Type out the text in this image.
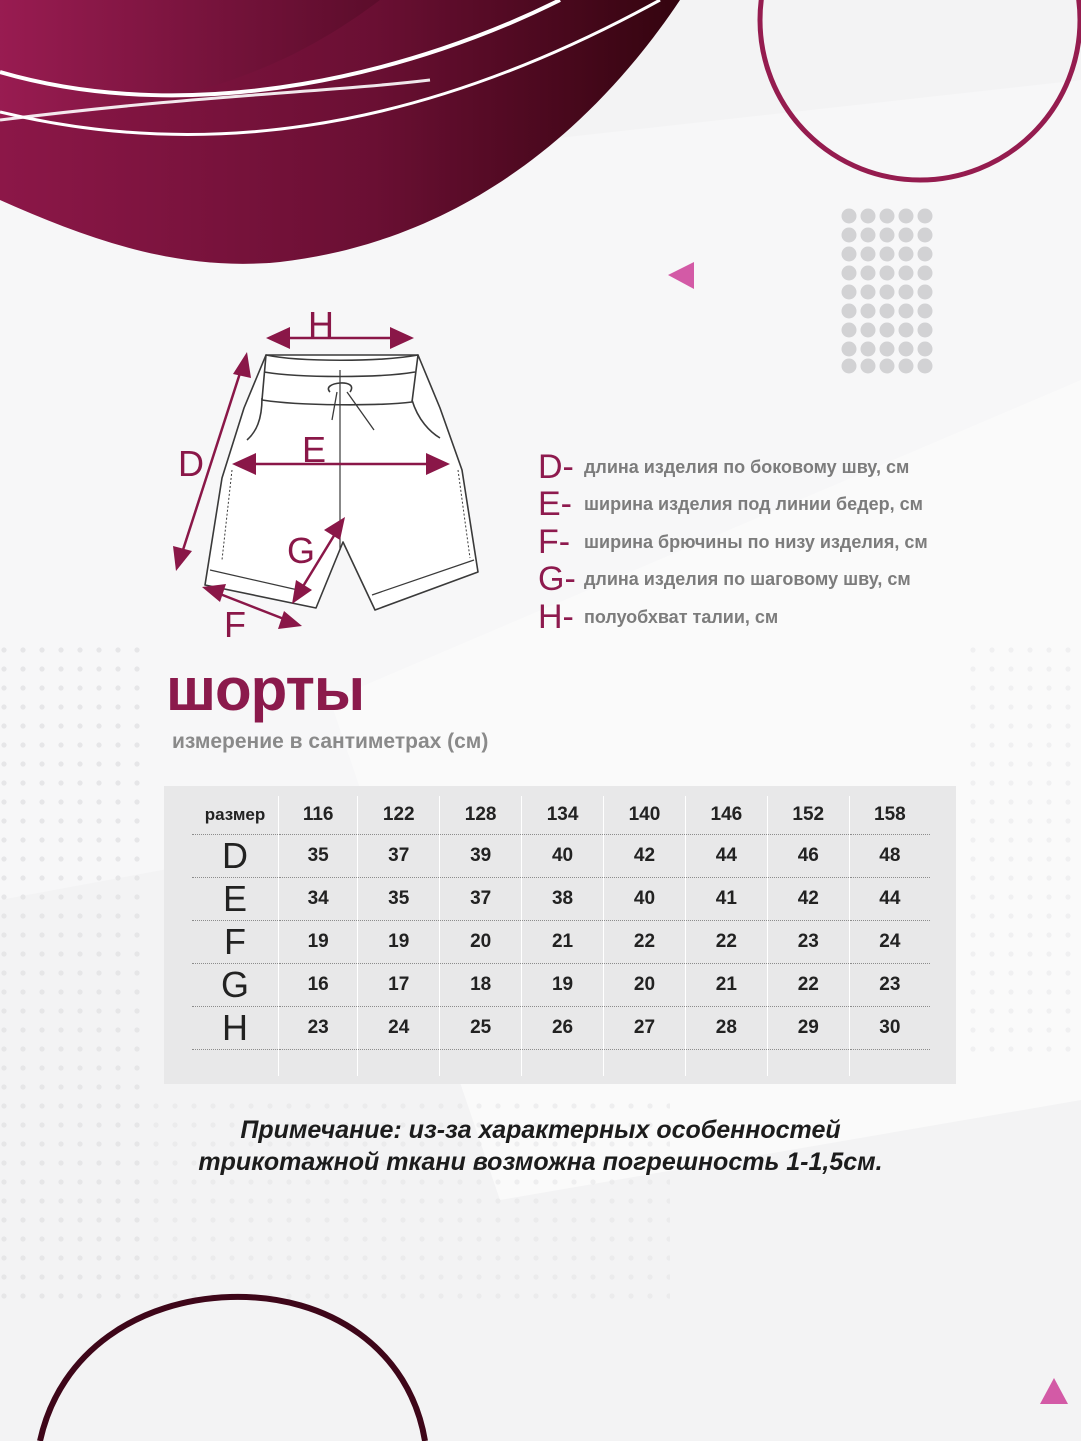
H
D	E
G
F
D- длина изделия по боковому шву, см
E- ширина изделия под линии бедер, см
F- ширина брючины по низу изделия, см
G- длина изделия по шаговому шву, см
H- полуобхват талии, см
шорты
измерение в сантиметрах (см)
размер	116	122	128	134	140	146	152	158
D	35	37	39	40	42	44	46	48
E	34	35	37	38	40	41	42	44
F	19	19	20	21	22	22	23	24
G	16	17	18	19	20	21	22	23
H	23	24	25	26	27	28	29	30

Примечание: из-за характерных особенностей
трикотажной ткани возможна погрешность 1-1,5см.
